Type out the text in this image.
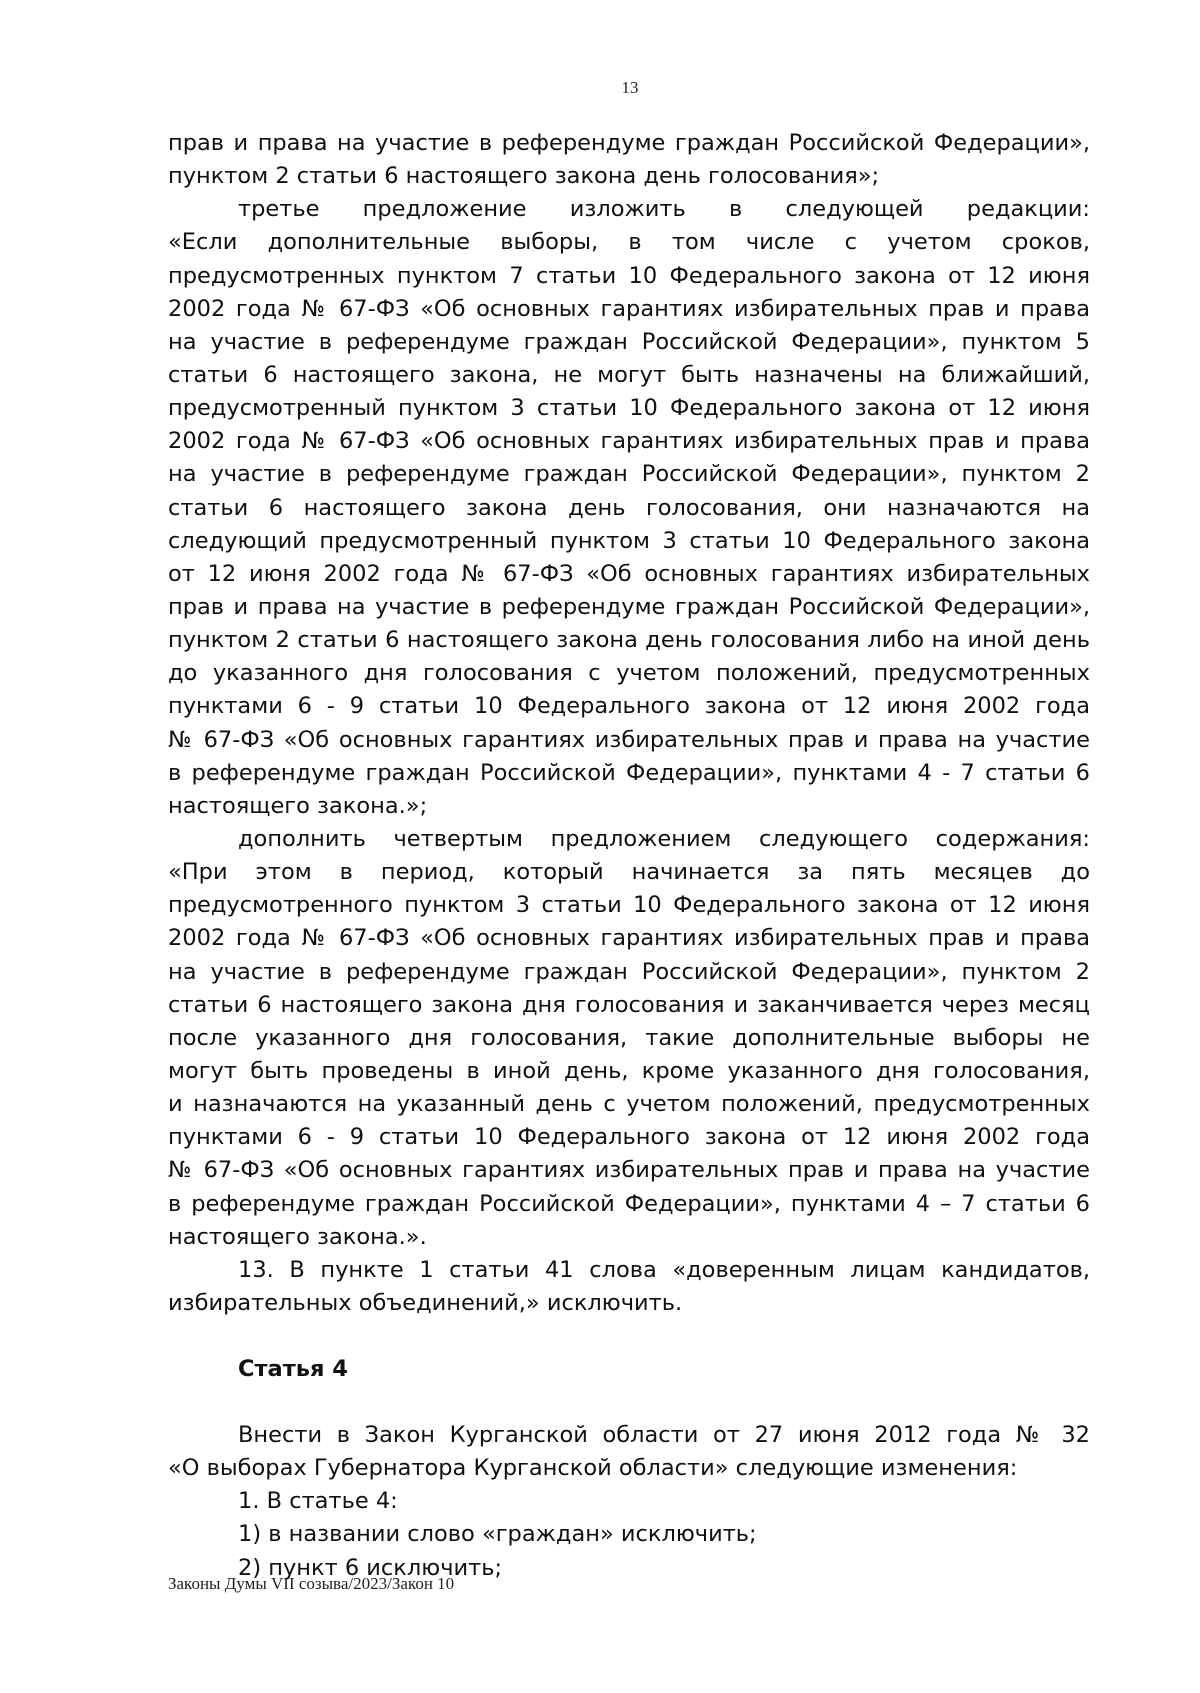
13
прав и права на участие в референдуме граждан Российской Федерации»,
пунктом 2 статьи 6 настоящего закона день голосования»;
третье предложение изложить в следующей редакции:
«Если дополнительные выборы, в том числе с учетом сроков,
предусмотренных пунктом 7 статьи 10 Федерального закона от 12 июня
2002 года № 67-ФЗ «Об основных гарантиях избирательных прав и права
на участие в референдуме граждан Российской Федерации», пунктом 5
статьи 6 настоящего закона, не могут быть назначены на ближайший,
предусмотренный пунктом 3 статьи 10 Федерального закона от 12 июня
2002 года № 67-ФЗ «Об основных гарантиях избирательных прав и права
на участие в референдуме граждан Российской Федерации», пунктом 2
статьи 6 настоящего закона день голосования, они назначаются на
следующий предусмотренный пунктом 3 статьи 10 Федерального закона
от 12 июня 2002 года № 67-ФЗ «Об основных гарантиях избирательных
прав и права на участие в референдуме граждан Российской Федерации»,
пунктом 2 статьи 6 настоящего закона день голосования либо на иной день
до указанного дня голосования с учетом положений, предусмотренных
пунктами 6 - 9 статьи 10 Федерального закона от 12 июня 2002 года
№ 67-ФЗ «Об основных гарантиях избирательных прав и права на участие
в референдуме граждан Российской Федерации», пунктами 4 - 7 статьи 6
настоящего закона.»;
дополнить четвертым предложением следующего содержания:
«При этом в период, который начинается за пять месяцев до
предусмотренного пунктом 3 статьи 10 Федерального закона от 12 июня
2002 года № 67-ФЗ «Об основных гарантиях избирательных прав и права
на участие в референдуме граждан Российской Федерации», пунктом 2
статьи 6 настоящего закона дня голосования и заканчивается через месяц
после указанного дня голосования, такие дополнительные выборы не
могут быть проведены в иной день, кроме указанного дня голосования,
и назначаются на указанный день с учетом положений, предусмотренных
пунктами 6 - 9 статьи 10 Федерального закона от 12 июня 2002 года
№ 67-ФЗ «Об основных гарантиях избирательных прав и права на участие
в референдуме граждан Российской Федерации», пунктами 4 – 7 статьи 6
настоящего закона.».
13. В пункте 1 статьи 41 слова «доверенным лицам кандидатов,
избирательных объединений,» исключить.
Статья 4
Внести в Закон Курганской области от 27 июня 2012 года № 32
«О выборах Губернатора Курганской области» следующие изменения:
1. В статье 4:
1) в названии слово «граждан» исключить;
2) пункт 6 исключить;
Законы Думы VII созыва/2023/Закон 10
